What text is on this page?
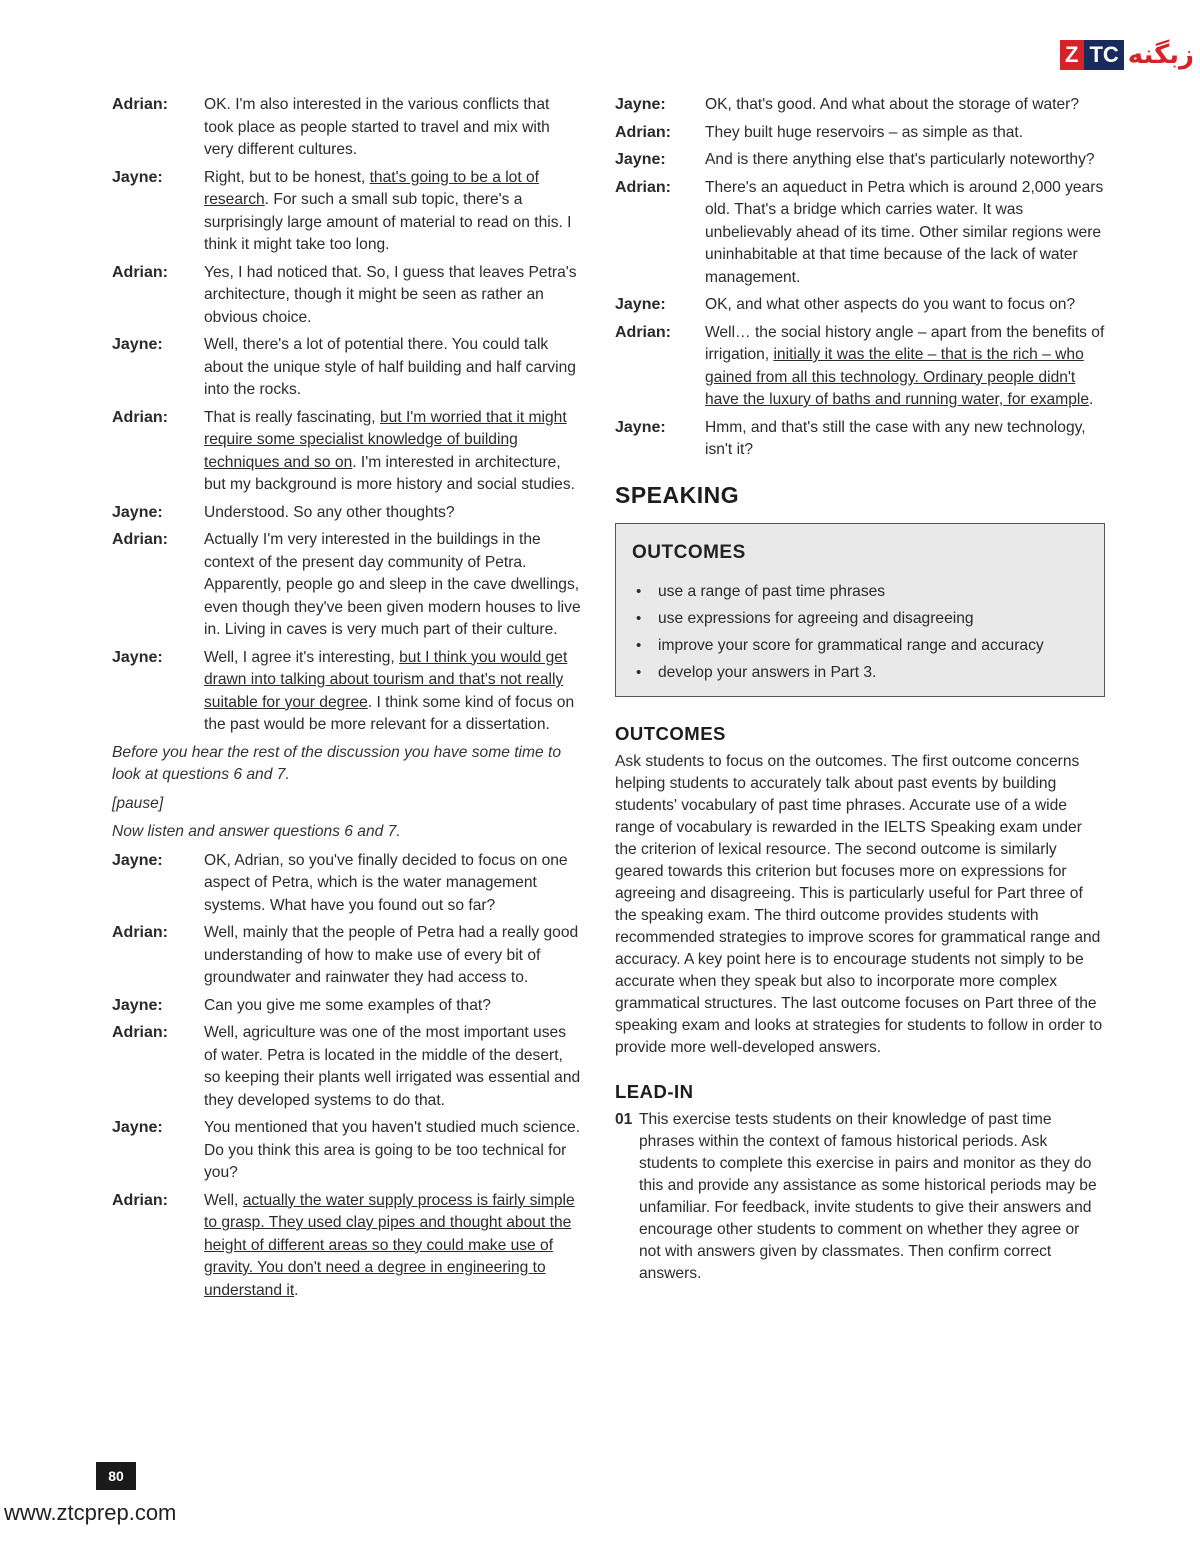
Z TC زبگنه
Adrian:	OK. I'm also interested in the various conflicts that took place as people started to travel and mix with very different cultures.
Jayne:	Right, but to be honest, that's going to be a lot of research. For such a small sub topic, there's a surprisingly large amount of material to read on this. I think it might take too long.
Adrian:	Yes, I had noticed that. So, I guess that leaves Petra's architecture, though it might be seen as rather an obvious choice.
Jayne:	Well, there's a lot of potential there. You could talk about the unique style of half building and half carving into the rocks.
Adrian:	That is really fascinating, but I'm worried that it might require some specialist knowledge of building techniques and so on. I'm interested in architecture, but my background is more history and social studies.
Jayne:	Understood. So any other thoughts?
Adrian:	Actually I'm very interested in the buildings in the context of the present day community of Petra. Apparently, people go and sleep in the cave dwellings, even though they've been given modern houses to live in. Living in caves is very much part of their culture.
Jayne:	Well, I agree it's interesting, but I think you would get drawn into talking about tourism and that's not really suitable for your degree. I think some kind of focus on the past would be more relevant for a dissertation.

Before you hear the rest of the discussion you have some time to look at questions 6 and 7.

[pause]

Now listen and answer questions 6 and 7.

Jayne:	OK, Adrian, so you've finally decided to focus on one aspect of Petra, which is the water management systems. What have you found out so far?
Adrian:	Well, mainly that the people of Petra had a really good understanding of how to make use of every bit of groundwater and rainwater they had access to.
Jayne:	Can you give me some examples of that?
Adrian:	Well, agriculture was one of the most important uses of water. Petra is located in the middle of the desert, so keeping their plants well irrigated was essential and they developed systems to do that.
Jayne:	You mentioned that you haven't studied much science. Do you think this area is going to be too technical for you?
Adrian:	Well, actually the water supply process is fairly simple to grasp. They used clay pipes and thought about the height of different areas so they could make use of gravity. You don't need a degree in engineering to understand it.
Jayne:	OK, that's good. And what about the storage of water?
Adrian:	They built huge reservoirs – as simple as that.
Jayne:	And is there anything else that's particularly noteworthy?
Adrian:	There's an aqueduct in Petra which is around 2,000 years old. That's a bridge which carries water. It was unbelievably ahead of its time. Other similar regions were uninhabitable at that time because of the lack of water management.
Jayne:	OK, and what other aspects do you want to focus on?
Adrian:	Well… the social history angle – apart from the benefits of irrigation, initially it was the elite – that is the rich – who gained from all this technology. Ordinary people didn't have the luxury of baths and running water, for example.
Jayne:	Hmm, and that's still the case with any new technology, isn't it?
SPEAKING
OUTCOMES
•	use a range of past time phrases
•	use expressions for agreeing and disagreeing
•	improve your score for grammatical range and accuracy
•	develop your answers in Part 3.
OUTCOMES

Ask students to focus on the outcomes. The first outcome concerns helping students to accurately talk about past events by building students' vocabulary of past time phrases. Accurate use of a wide range of vocabulary is rewarded in the IELTS Speaking exam under the criterion of lexical resource. The second outcome is similarly geared towards this criterion but focuses more on expressions for agreeing and disagreeing. This is particularly useful for Part three of the speaking exam. The third outcome provides students with recommended strategies to improve scores for grammatical range and accuracy. A key point here is to encourage students not simply to be accurate when they speak but also to incorporate more complex grammatical structures. The last outcome focuses on Part three of the speaking exam and looks at strategies for students to follow in order to provide more well-developed answers.

LEAD-IN
01 This exercise tests students on their knowledge of past time phrases within the context of famous historical periods. Ask students to complete this exercise in pairs and monitor as they do this and provide any assistance as some historical periods may be unfamiliar. For feedback, invite students to give their answers and encourage other students to comment on whether they agree or not with answers given by classmates. Then confirm correct answers.
80
www.ztcprep.com
